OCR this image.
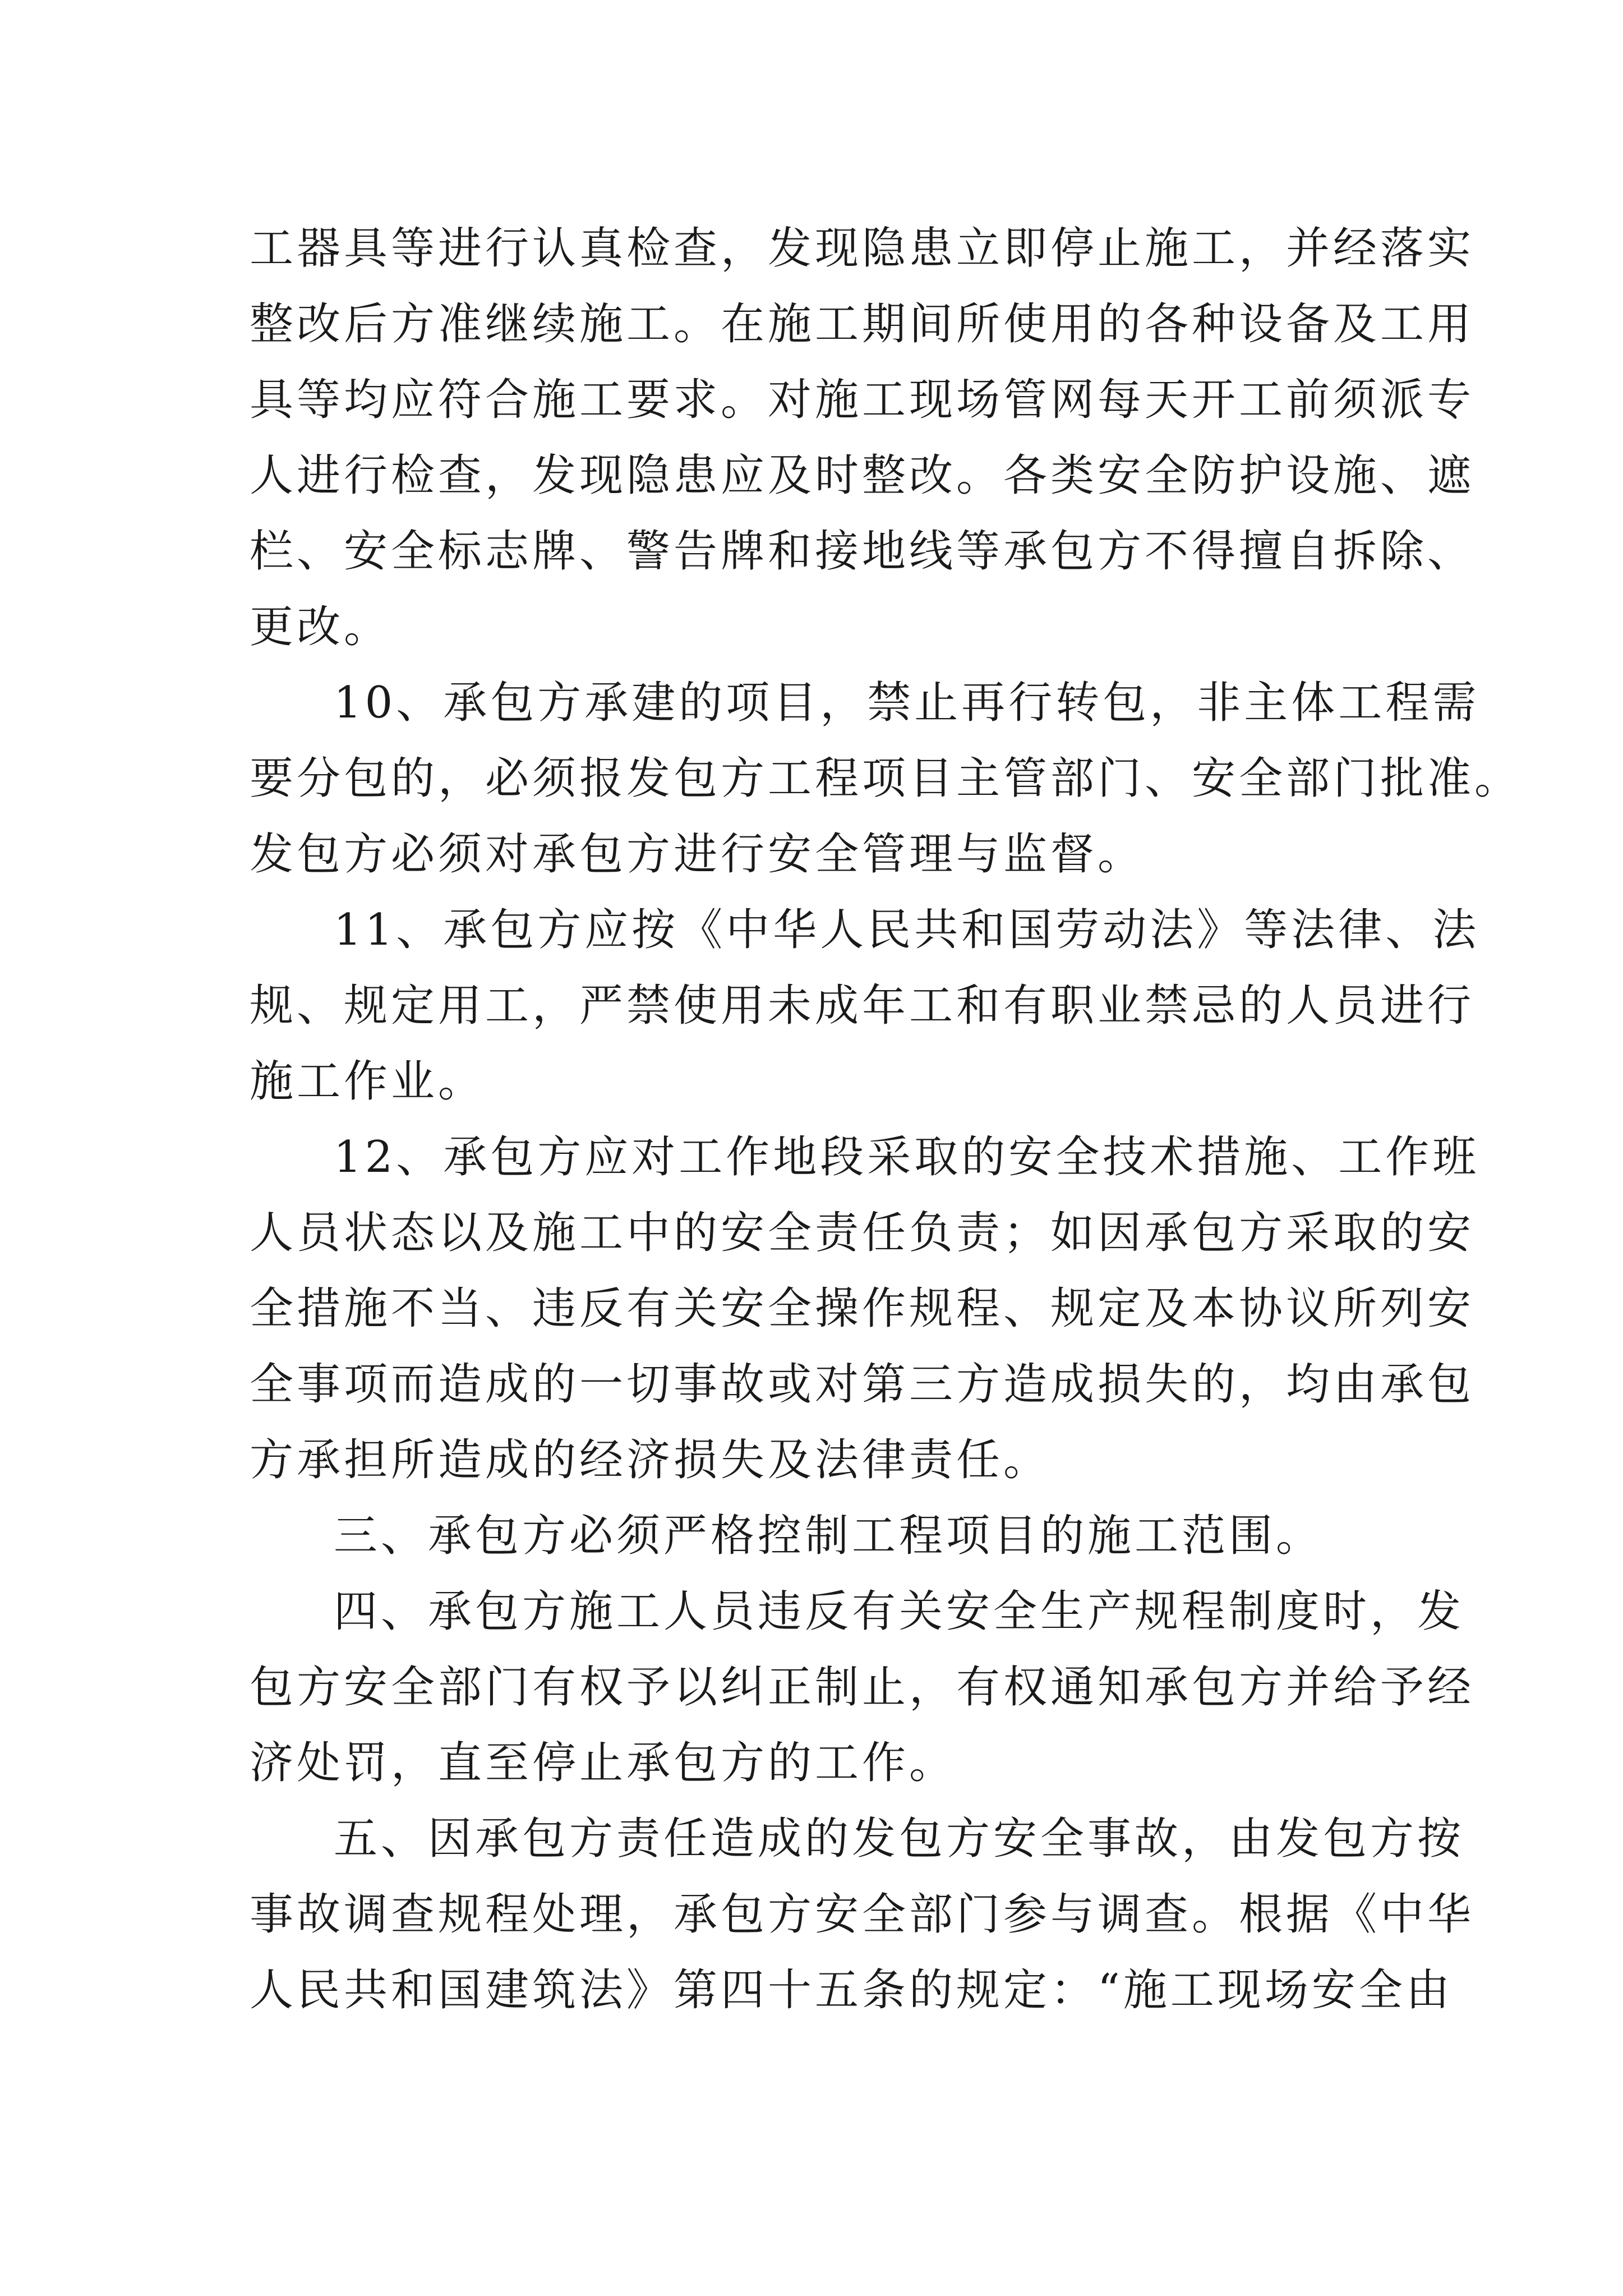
工器具等进行认真检查，发现隐患立即停止施工，并经落实
整改后方准继续施工。在施工期间所使用的各种设备及工用
具等均应符合施工要求。对施工现场管网每天开工前须派专
人进行检查，发现隐患应及时整改。各类安全防护设施、遮
栏、安全标志牌、警告牌和接地线等承包方不得擅自拆除、
更改。
10、承包方承建的项目，禁止再行转包，非主体工程需
要分包的，必须报发包方工程项目主管部门、安全部门批准。
发包方必须对承包方进行安全管理与监督。
11、承包方应按《中华人民共和国劳动法》等法律、法
规、规定用工，严禁使用未成年工和有职业禁忌的人员进行
施工作业。
12、承包方应对工作地段采取的安全技术措施、工作班
人员状态以及施工中的安全责任负责；如因承包方采取的安
全措施不当、违反有关安全操作规程、规定及本协议所列安
全事项而造成的一切事故或对第三方造成损失的，均由承包
方承担所造成的经济损失及法律责任。
三、承包方必须严格控制工程项目的施工范围。
四、承包方施工人员违反有关安全生产规程制度时，发
包方安全部门有权予以纠正制止，有权通知承包方并给予经
济处罚，直至停止承包方的工作。
五、因承包方责任造成的发包方安全事故，由发包方按
事故调查规程处理，承包方安全部门参与调查。根据《中华
人民共和国建筑法》第四十五条的规定：“施工现场安全由
